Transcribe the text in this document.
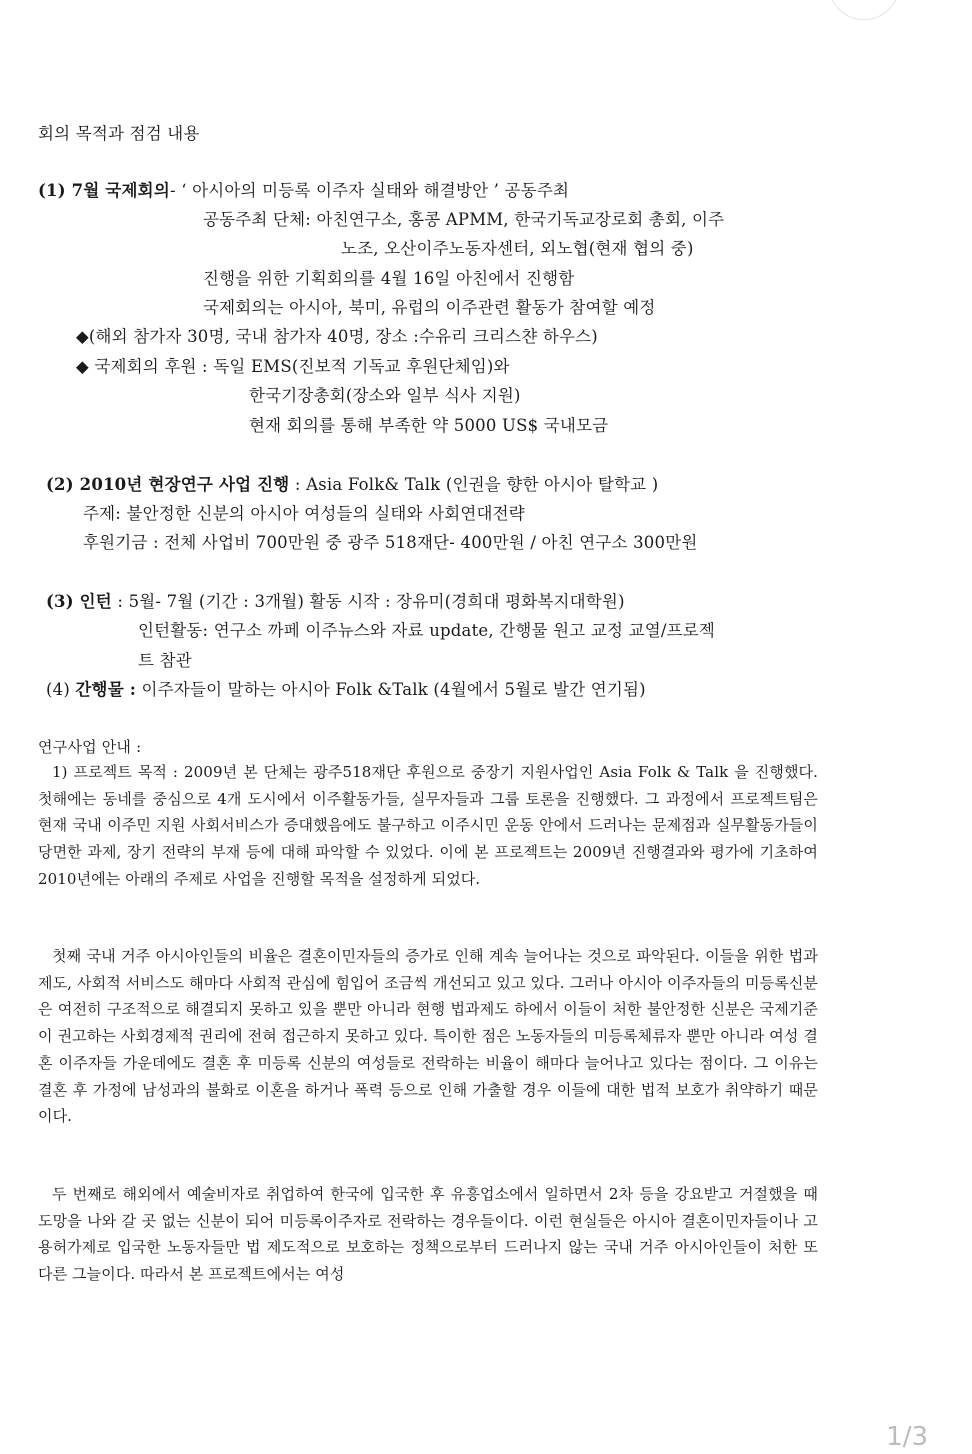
회의 목적과 점검 내용
(1) 7월 국제회의- ‘ 아시아의 미등록 이주자 실태와 해결방안 ’ 공동주최
공동주최 단체: 아친연구소, 홍콩 APMM, 한국기독교장로회 총회, 이주
노조, 오산이주노동자센터, 외노협(현재 협의 중)
진행을 위한 기획회의를 4월 16일 아친에서 진행함
국제회의는 아시아, 북미, 유럽의 이주관련 활동가 참여할 예정
◆(해외 참가자 30명, 국내 참가자 40명, 장소 :수유리 크리스챤 하우스)
◆ 국제회의 후원 : 독일 EMS(진보적 기독교 후원단체임)와
한국기장총회(장소와 일부 식사 지원)
현재 회의를 통해 부족한 약 5000 US$ 국내모금
(2) 2010년 현장연구 사업 진행 : Asia Folk& Talk (인권을 향한 아시아 탈학교 )
주제: 불안정한 신분의 아시아 여성들의 실태와 사회연대전략
후원기금 : 전체 사업비 700만원 중 광주 518재단- 400만원 / 아친 연구소 300만원
(3) 인턴 : 5월- 7월 (기간 : 3개월) 활동 시작 : 장유미(경희대 평화복지대학원)
인턴활동: 연구소 까페 이주뉴스와 자료 update, 간행물 원고 교정 교열/프로젝
트 참관
(4) 간행물 : 이주자들이 말하는 아시아 Folk &Talk (4월에서 5월로 발간 연기됨)
연구사업 안내 :
1) 프로젝트 목적 : 2009년 본 단체는 광주518재단 후원으로 중장기 지원사업인 Asia Folk & Talk 을 진행했다. 첫해에는 동네를 중심으로 4개 도시에서 이주활동가들, 실무자들과 그룹 토론을 진행했다. 그 과정에서 프로젝트팀은 현재 국내 이주민 지원 사회서비스가 증대했음에도 불구하고 이주시민 운동 안에서 드러나는 문제점과 실무활동가들이 당면한 과제, 장기 전략의 부재 등에 대해 파악할 수 있었다. 이에 본 프로젝트는 2009년 진행결과와 평가에 기초하여 2010년에는 아래의 주제로 사업을 진행할 목적을 설정하게 되었다.
첫째 국내 거주 아시아인들의 비율은 결혼이민자들의 증가로 인해 계속 늘어나는 것으로 파악된다. 이들을 위한 법과 제도, 사회적 서비스도 해마다 사회적 관심에 힘입어 조금씩 개선되고 있고 있다. 그러나 아시아 이주자들의 미등록신분은 여전히 구조적으로 해결되지 못하고 있을 뿐만 아니라 현행 법과제도 하에서 이들이 처한 불안정한 신분은 국제기준이 권고하는 사회경제적 권리에 전혀 접근하지 못하고 있다. 특이한 점은 노동자들의 미등록체류자 뿐만 아니라 여성 결혼 이주자들 가운데에도 결혼 후 미등록 신분의 여성들로 전락하는 비율이 해마다 늘어나고 있다는 점이다. 그 이유는 결혼 후 가정에 남성과의 불화로 이혼을 하거나 폭력 등으로 인해 가출할 경우 이들에 대한 법적 보호가 취약하기 때문이다.
두 번째로 해외에서 예술비자로 취업하여 한국에 입국한 후 유흥업소에서 일하면서 2차 등을 강요받고 거절했을 때 도망을 나와 갈 곳 없는 신분이 되어 미등록이주자로 전락하는 경우들이다. 이런 현실들은 아시아 결혼이민자들이나 고용허가제로 입국한 노동자들만 법 제도적으로 보호하는 정책으로부터 드러나지 않는 국내 거주 아시아인들이 처한 또 다른 그늘이다. 따라서 본 프로젝트에서는 여성
1/3
